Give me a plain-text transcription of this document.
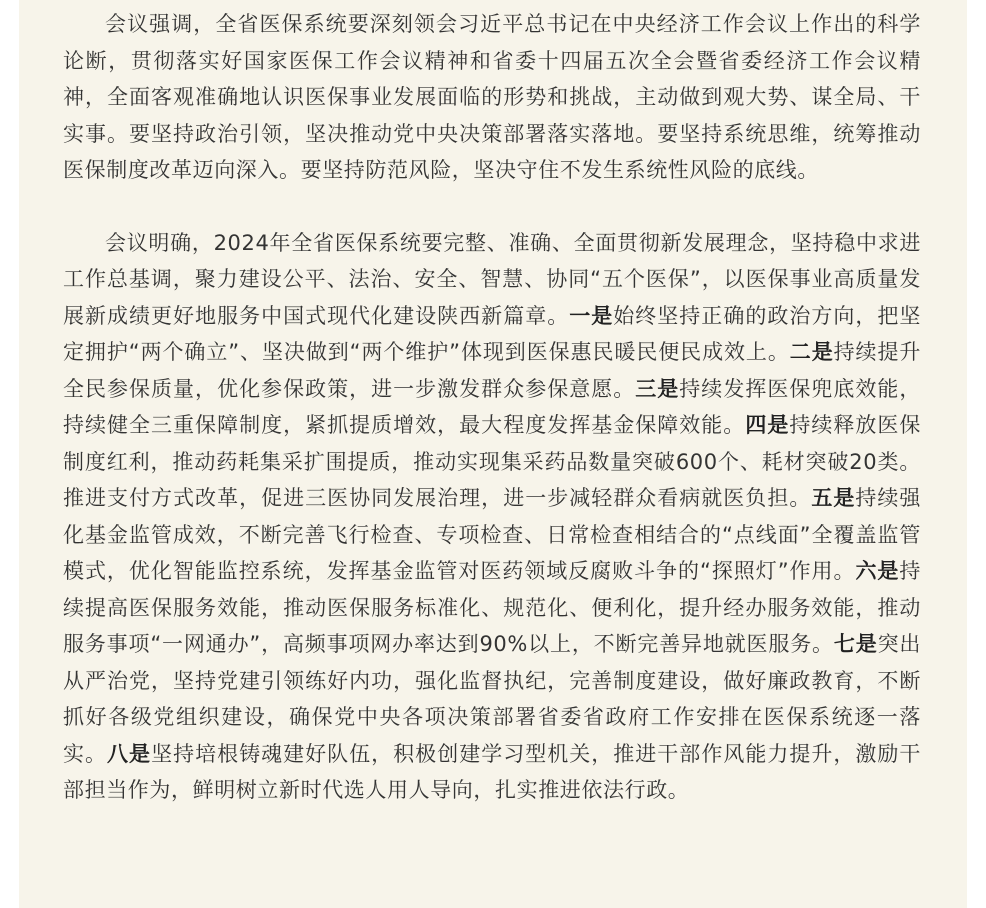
会议强调，全省医保系统要深刻领会习近平总书记在中央经济工作会议上作出的科学论断，贯彻落实好国家医保工作会议精神和省委十四届五次全会暨省委经济工作会议精神，全面客观准确地认识医保事业发展面临的形势和挑战，主动做到观大势、谋全局、干实事。要坚持政治引领，坚决推动党中央决策部署落实落地。要坚持系统思维，统筹推动医保制度改革迈向深入。要坚持防范风险，坚决守住不发生系统性风险的底线。

会议明确，2024年全省医保系统要完整、准确、全面贯彻新发展理念，坚持稳中求进工作总基调，聚力建设公平、法治、安全、智慧、协同“五个医保”，以医保事业高质量发展新成绩更好地服务中国式现代化建设陕西新篇章。一是始终坚持正确的政治方向，把坚定拥护“两个确立”、坚决做到“两个维护”体现到医保惠民暖民便民成效上。二是持续提升全民参保质量，优化参保政策，进一步激发群众参保意愿。三是持续发挥医保兜底效能，持续健全三重保障制度，紧抓提质增效，最大程度发挥基金保障效能。四是持续释放医保制度红利，推动药耗集采扩围提质，推动实现集采药品数量突破600个、耗材突破20类。推进支付方式改革，促进三医协同发展治理，进一步减轻群众看病就医负担。五是持续强化基金监管成效，不断完善飞行检查、专项检查、日常检查相结合的“点线面”全覆盖监管模式，优化智能监控系统，发挥基金监管对医药领域反腐败斗争的“探照灯”作用。六是持续提高医保服务效能，推动医保服务标准化、规范化、便利化，提升经办服务效能，推动服务事项“一网通办”，高频事项网办率达到90%以上，不断完善异地就医服务。七是突出从严治党，坚持党建引领练好内功，强化监督执纪，完善制度建设，做好廉政教育，不断抓好各级党组织建设，确保党中央各项决策部署省委省政府工作安排在医保系统逐一落实。八是坚持培根铸魂建好队伍，积极创建学习型机关，推进干部作风能力提升，激励干部担当作为，鲜明树立新时代选人用人导向，扎实推进依法行政。
